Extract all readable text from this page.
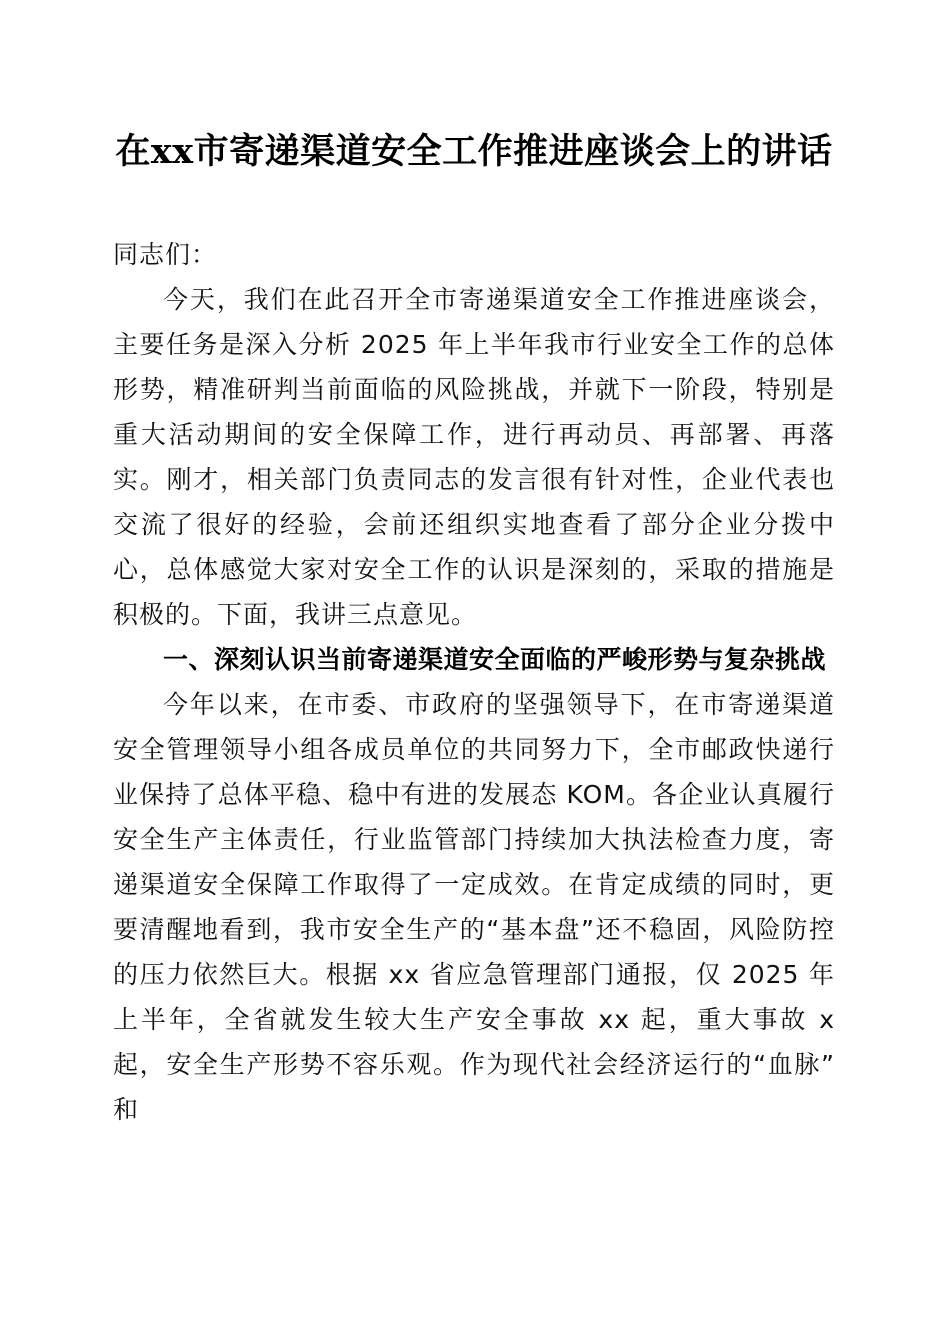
在xx市寄递渠道安全工作推进座谈会上的讲话

同志们：

今天，我们在此召开全市寄递渠道安全工作推进座谈会，主要任务是深入分析 2025 年上半年我市行业安全工作的总体形势，精准研判当前面临的风险挑战，并就下一阶段，特别是重大活动期间的安全保障工作，进行再动员、再部署、再落实。刚才，相关部门负责同志的发言很有针对性，企业代表也交流了很好的经验，会前还组织实地查看了部分企业分拨中心，总体感觉大家对安全工作的认识是深刻的，采取的措施是积极的。下面，我讲三点意见。

一、深刻认识当前寄递渠道安全面临的严峻形势与复杂挑战

今年以来，在市委、市政府的坚强领导下，在市寄递渠道安全管理领导小组各成员单位的共同努力下，全市邮政快递行业保持了总体平稳、稳中有进的发展态 KOM。各企业认真履行安全生产主体责任，行业监管部门持续加大执法检查力度，寄递渠道安全保障工作取得了一定成效。在肯定成绩的同时，更要清醒地看到，我市安全生产的“基本盘”还不稳固，风险防控的压力依然巨大。根据 xx 省应急管理部门通报，仅 2025 年上半年，全省就发生较大生产安全事故 xx 起，重大事故 x 起，安全生产形势不容乐观。作为现代社会经济运行的“血脉”和
